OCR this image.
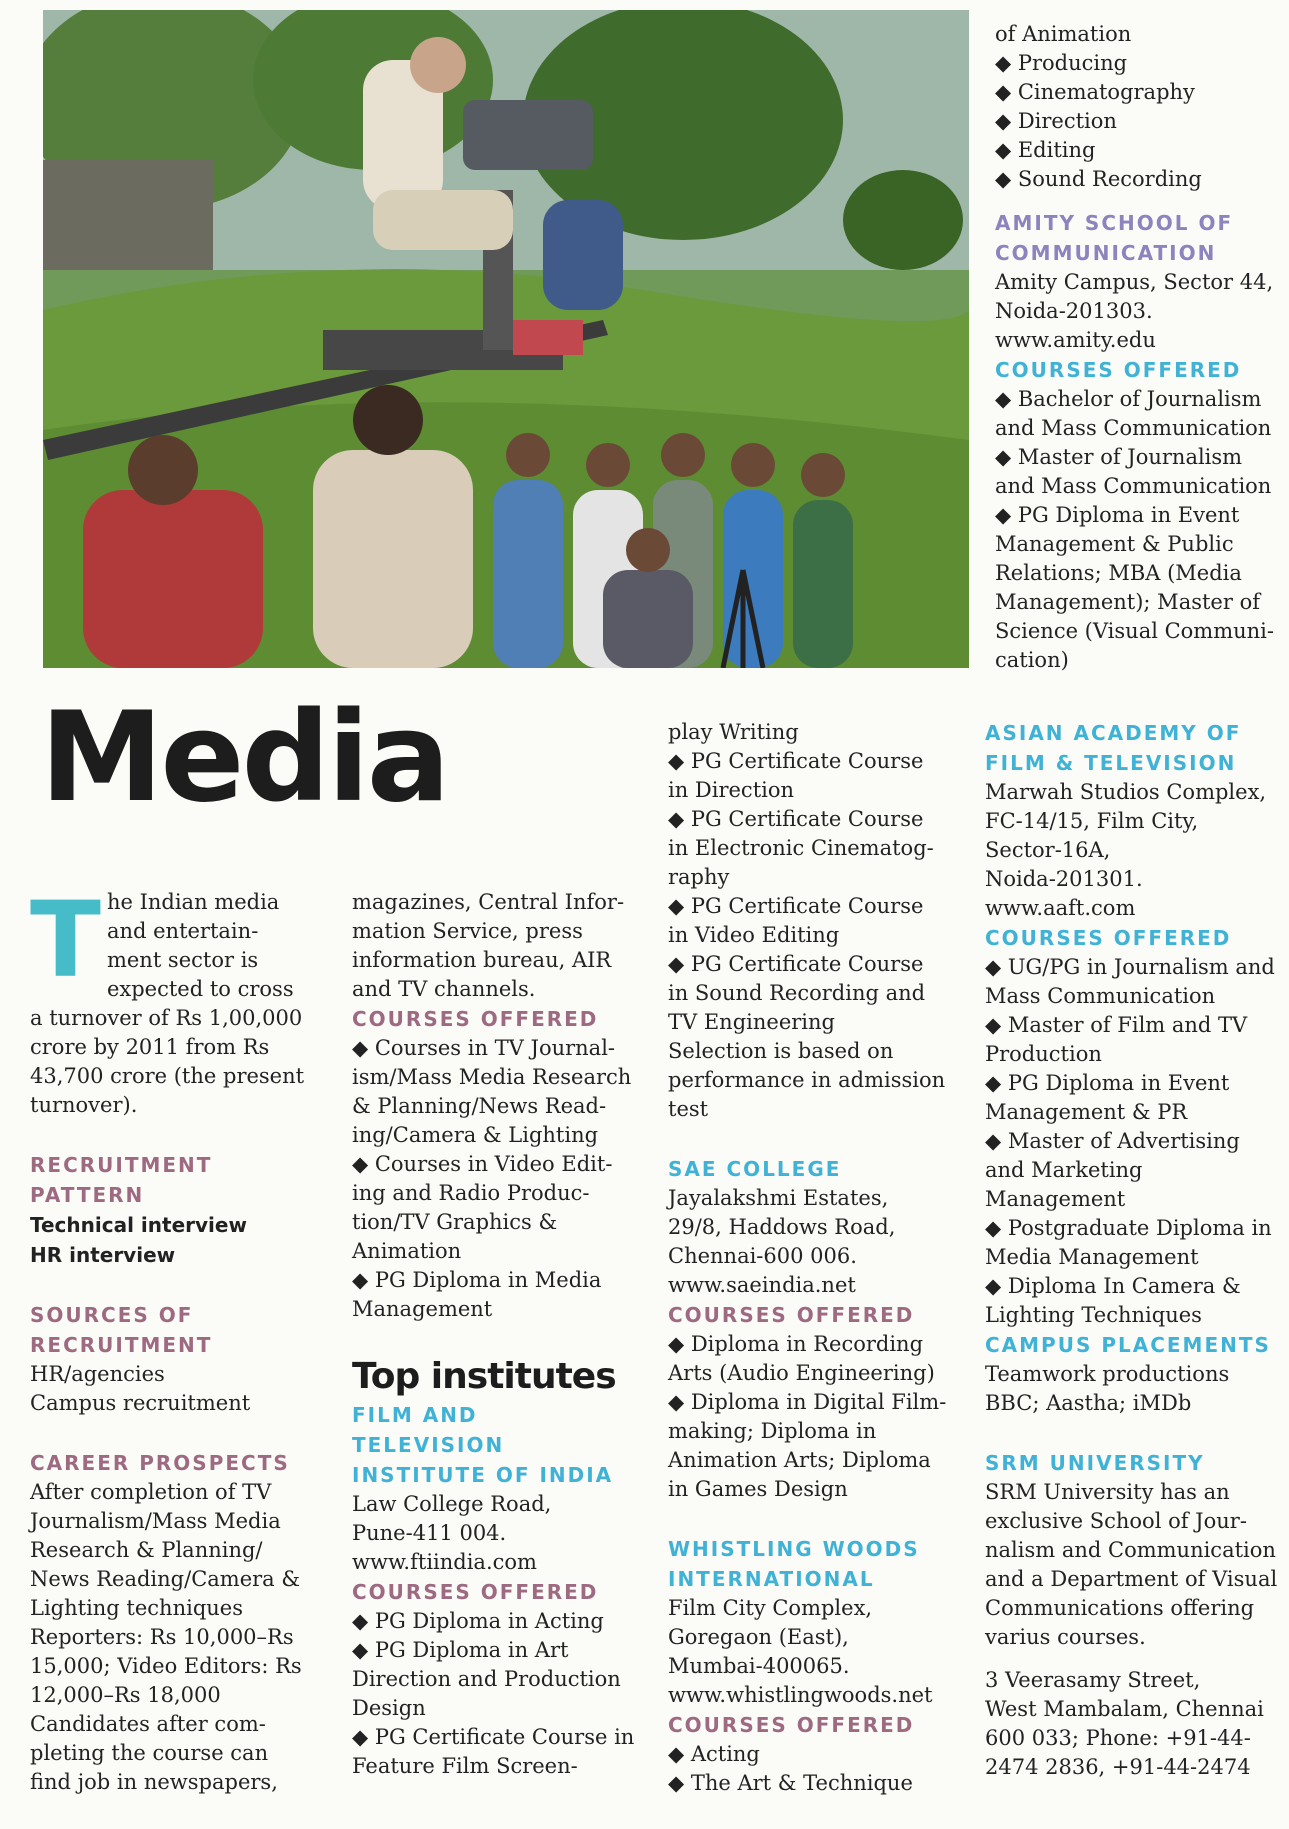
Media

The Indian media and entertainment sector is expected to cross a turnover of Rs 1,00,000 crore by 2011 from Rs 43,700 crore (the present turnover).

RECRUITMENT PATTERN
Technical interview
HR interview
SOURCES OF RECRUITMENT

HR/agencies

Campus recruitment

CAREER PROSPECTS

After completion of TV Journalism/Mass Media Research & Planning/ News Reading/Camera & Lighting techniques Reporters: Rs 10,000–Rs 15,000; Video Editors: Rs 12,000–Rs 18,000 Candidates after completing the course can find job in newspapers,

magazines, Central Information Service, press information bureau, AIR and TV channels.

COURSES OFFERED

◆ Courses in TV Journalism/Mass Media Research & Planning/News Reading/Camera & Lighting

◆ Courses in Video Editing and Radio Production/TV Graphics & Animation

◆ PG Diploma in Media Management

Top institutes
FILM AND TELEVISION INSTITUTE OF INDIA

Law College Road,

Pune-411 004.

www.ftiindia.com

COURSES OFFERED

◆ PG Diploma in Acting

◆ PG Diploma in Art Direction and Production Design

◆ PG Certificate Course in Feature Film Screen-

play Writing

◆ PG Certificate Course in Direction

◆ PG Certificate Course in Electronic Cinematography

◆ PG Certificate Course in Video Editing

◆ PG Certificate Course in Sound Recording and TV Engineering

Selection is based on performance in admission test

SAE COLLEGE

Jayalakshmi Estates,

29/8, Haddows Road,

Chennai-600 006.

www.saeindia.net

COURSES OFFERED

◆ Diploma in Recording Arts (Audio Engineering)

◆ Diploma in Digital Film-making; Diploma in Animation Arts; Diploma in Games Design

WHISTLING WOODS INTERNATIONAL

Film City Complex,

Goregaon (East),

Mumbai-400065.

www.whistlingwoods.net

COURSES OFFERED

◆ Acting

◆ The Art & Technique

of Animation

◆ Producing

◆ Cinematography

◆ Direction

◆ Editing

◆ Sound Recording

AMITY SCHOOL OF COMMUNICATION

Amity Campus, Sector 44,

Noida-201303.

www.amity.edu

COURSES OFFERED

◆ Bachelor of Journalism and Mass Communication

◆ Master of Journalism and Mass Communication

◆ PG Diploma in Event Management & Public Relations; MBA (Media Management); Master of Science (Visual Communication)

ASIAN ACADEMY OF FILM & TELEVISION

Marwah Studios Complex,

FC-14/15, Film City,

Sector-16A,

Noida-201301.

www.aaft.com

COURSES OFFERED

◆ UG/PG in Journalism and Mass Communication

◆ Master of Film and TV Production

◆ PG Diploma in Event Management & PR

◆ Master of Advertising and Marketing Management

◆ Postgraduate Diploma in Media Management

◆ Diploma In Camera & Lighting Techniques

CAMPUS PLACEMENTS

Teamwork productions

BBC; Aastha; iMDb

SRM UNIVERSITY

SRM University has an exclusive School of Journalism and Communication and a Department of Visual Communications offering varius courses.

3 Veerasamy Street,

West Mambalam, Chennai

600 033; Phone: +91-44-

2474 2836, +91-44-2474
